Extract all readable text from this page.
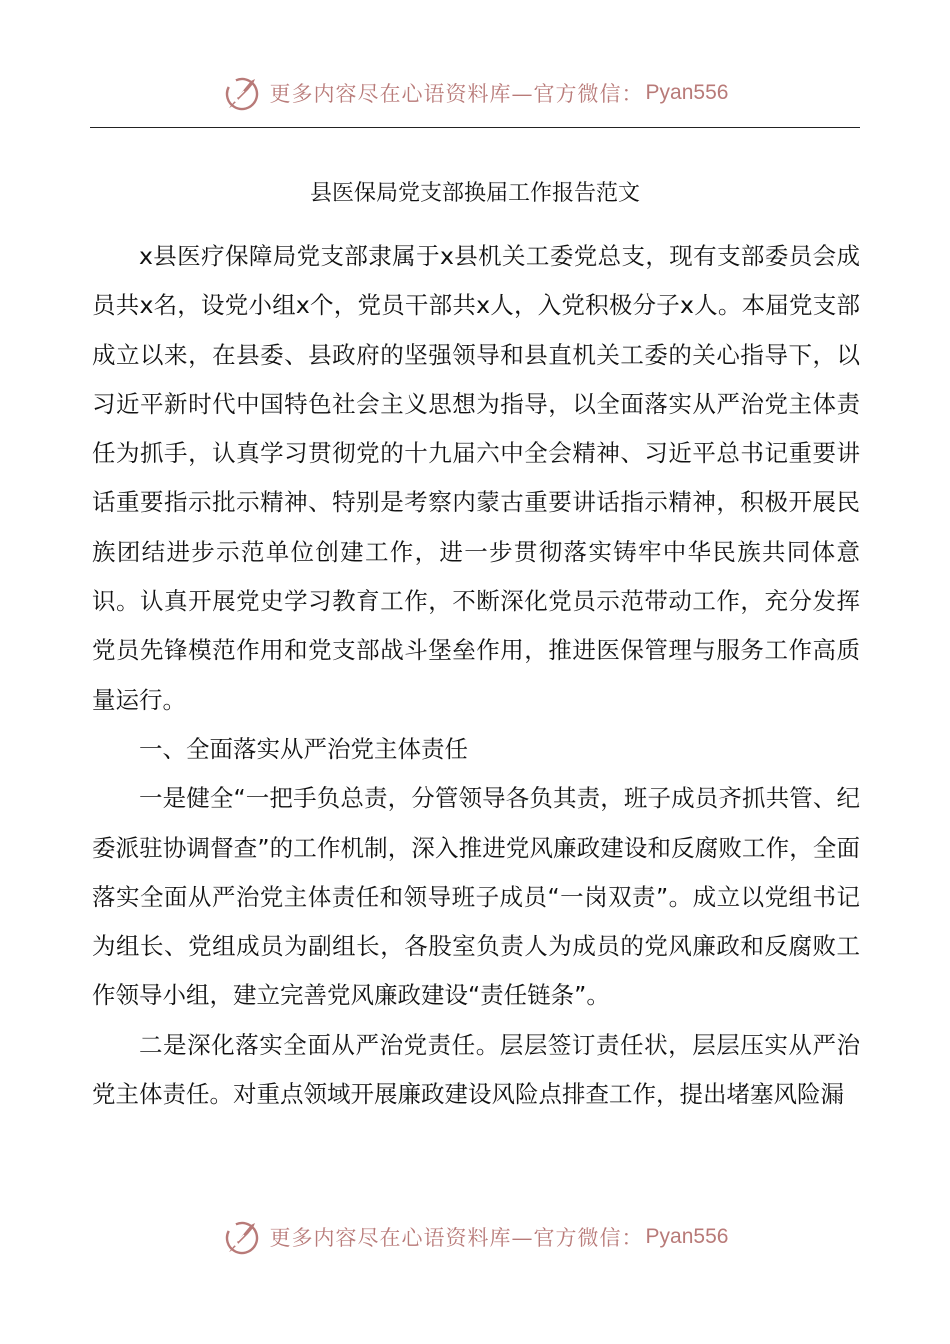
更多内容尽在心语资料库—官方微信： Pyan556
县医保局党支部换届工作报告范文

x县医疗保障局党支部隶属于x县机关工委党总支，现有支部委员会成员共x名，设党小组x个，党员干部共x人，入党积极分子x人。本届党支部成立以来，在县委、县政府的坚强领导和县直机关工委的关心指导下，以习近平新时代中国特色社会主义思想为指导，以全面落实从严治党主体责任为抓手，认真学习贯彻党的十九届六中全会精神、习近平总书记重要讲话重要指示批示精神、特别是考察内蒙古重要讲话指示精神，积极开展民族团结进步示范单位创建工作，进一步贯彻落实铸牢中华民族共同体意识。认真开展党史学习教育工作，不断深化党员示范带动工作，充分发挥党员先锋模范作用和党支部战斗堡垒作用，推进医保管理与服务工作高质量运行。

一、全面落实从严治党主体责任

一是健全“一把手负总责，分管领导各负其责，班子成员齐抓共管、纪委派驻协调督查”的工作机制，深入推进党风廉政建设和反腐败工作，全面落实全面从严治党主体责任和领导班子成员“一岗双责”。成立以党组书记为组长、党组成员为副组长，各股室负责人为成员的党风廉政和反腐败工作领导小组，建立完善党风廉政建设“责任链条”。

二是深化落实全面从严治党责任。层层签订责任状，层层压实从严治党主体责任。对重点领域开展廉政建设风险点排查工作，提出堵塞风险漏

更多内容尽在心语资料库—官方微信： Pyan556
